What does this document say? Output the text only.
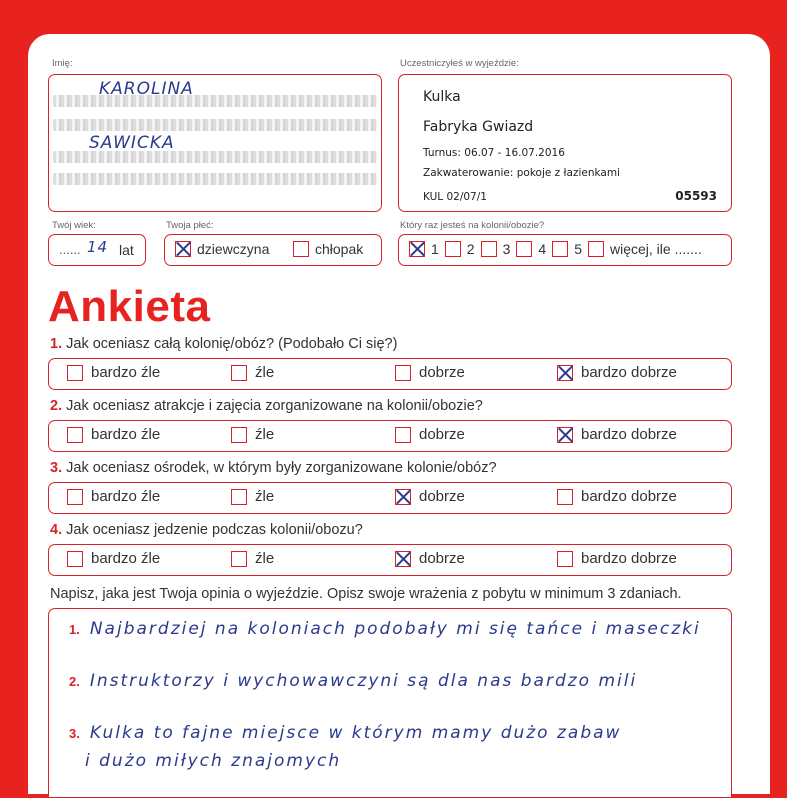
Imię:
KAROLINA
SAWICKA
Uczestniczyłeś w wyjeździe:
Kulka
Fabryka Gwiazd
Turnus: 06.07 - 16.07.2016
Zakwaterowanie: pokoje z łazienkami
KUL 02/07/1	05593
Twój wiek:
...... 14 lat
Twoja płeć:
dziewczyna	chłopak
Który raz jesteś na kolonii/obozie?
1 2 3 4 5 więcej, ile .......
Ankieta
1. Jak oceniasz całą kolonię/obóz? (Podobało Ci się?)
bardzo źle	źle	dobrze	bardzo dobrze
2. Jak oceniasz atrakcje i zajęcia zorganizowane na kolonii/obozie?
bardzo źle	źle	dobrze	bardzo dobrze
3. Jak oceniasz ośrodek, w którym były zorganizowane kolonie/obóz?
bardzo źle	źle	dobrze	bardzo dobrze
4. Jak oceniasz jedzenie podczas kolonii/obozu?
bardzo źle	źle	dobrze	bardzo dobrze
Napisz, jaka jest Twoja opinia o wyjeździe. Opisz swoje wrażenia z pobytu w minimum 3 zdaniach.
1. Najbardziej na koloniach podobały mi się tańce i maseczki
2. Instruktorzy i wychowawczyni są dla nas bardzo mili
3. Kulka to fajne miejsce w którym mamy dużo zabaw
i dużo miłych znajomych
